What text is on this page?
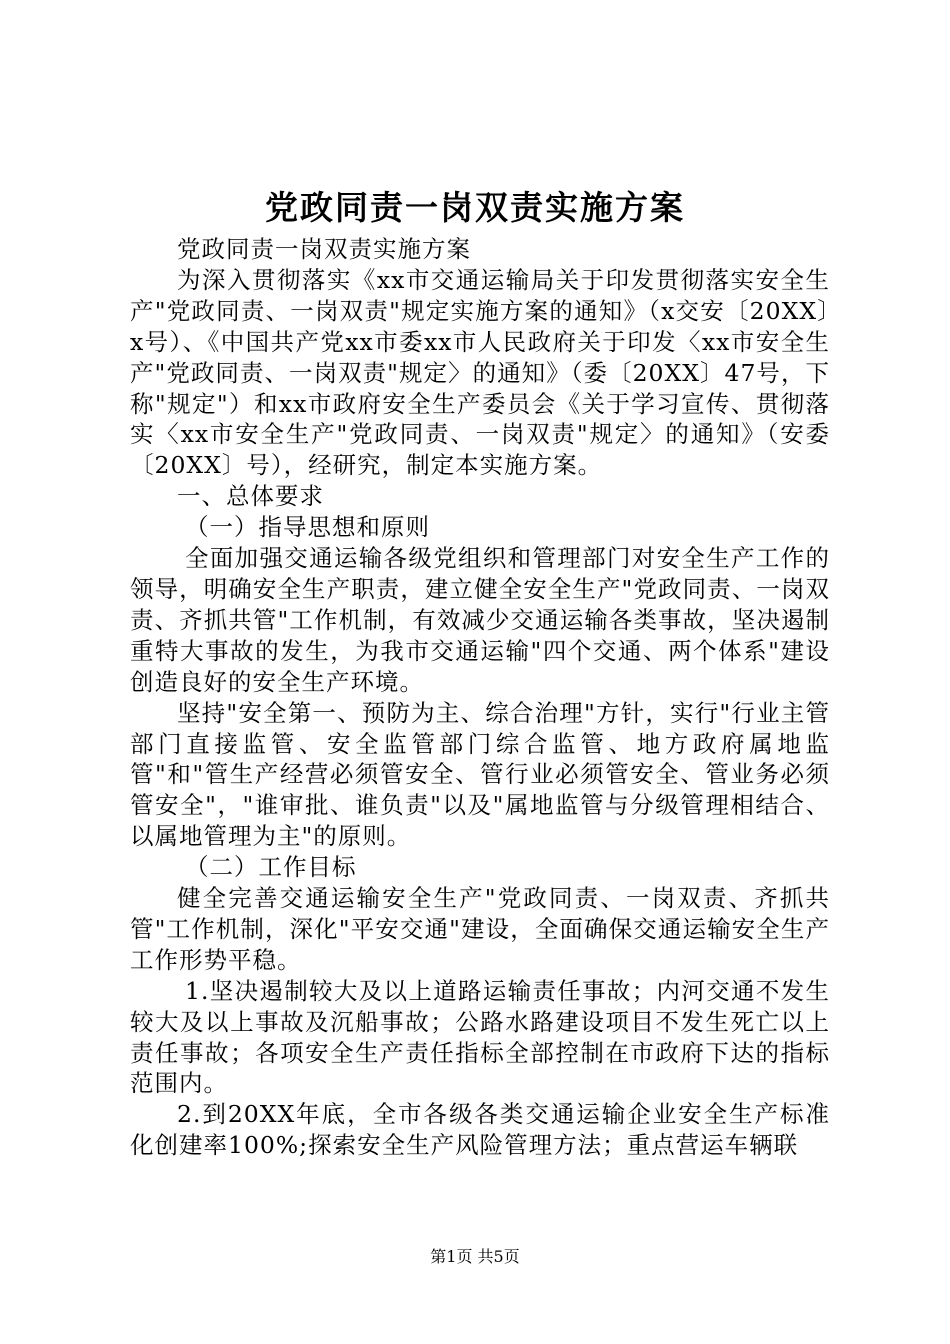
党政同责一岗双责实施方案

党政同责一岗双责实施方案

为深入贯彻落实《xx市交通运输局关于印发贯彻落实安全生产"党政同责、一岗双责"规定实施方案的通知》（x交安〔20XX〕x号）、《中国共产党xx市委xx市人民政府关于印发〈xx市安全生产"党政同责、一岗双责"规定〉的通知》（委〔20XX〕47号，下称"规定"）和xx市政府安全生产委员会《关于学习宣传、贯彻落实〈xx市安全生产"党政同责、一岗双责"规定〉的通知》（安委〔20XX〕号），经研究，制定本实施方案。

一、总体要求

（一）指导思想和原则

全面加强交通运输各级党组织和管理部门对安全生产工作的领导，明确安全生产职责，建立健全安全生产"党政同责、一岗双责、齐抓共管"工作机制，有效减少交通运输各类事故，坚决遏制重特大事故的发生，为我市交通运输"四个交通、两个体系"建设创造良好的安全生产环境。

坚持"安全第一、预防为主、综合治理"方针，实行"行业主管部门直接监管、安全监管部门综合监管、地方政府属地监管"和"管生产经营必须管安全、管行业必须管安全、管业务必须管安全"，"谁审批、谁负责"以及"属地监管与分级管理相结合、以属地管理为主"的原则。

（二）工作目标

健全完善交通运输安全生产"党政同责、一岗双责、齐抓共管"工作机制，深化"平安交通"建设，全面确保交通运输安全生产工作形势平稳。

1.坚决遏制较大及以上道路运输责任事故；内河交通不发生较大及以上事故及沉船事故；公路水路建设项目不发生死亡以上责任事故；各项安全生产责任指标全部控制在市政府下达的指标范围内。

2.到20XX年底，全市各级各类交通运输企业安全生产标准化创建率100%;探索安全生产风险管理方法；重点营运车辆联

第1页 共5页
